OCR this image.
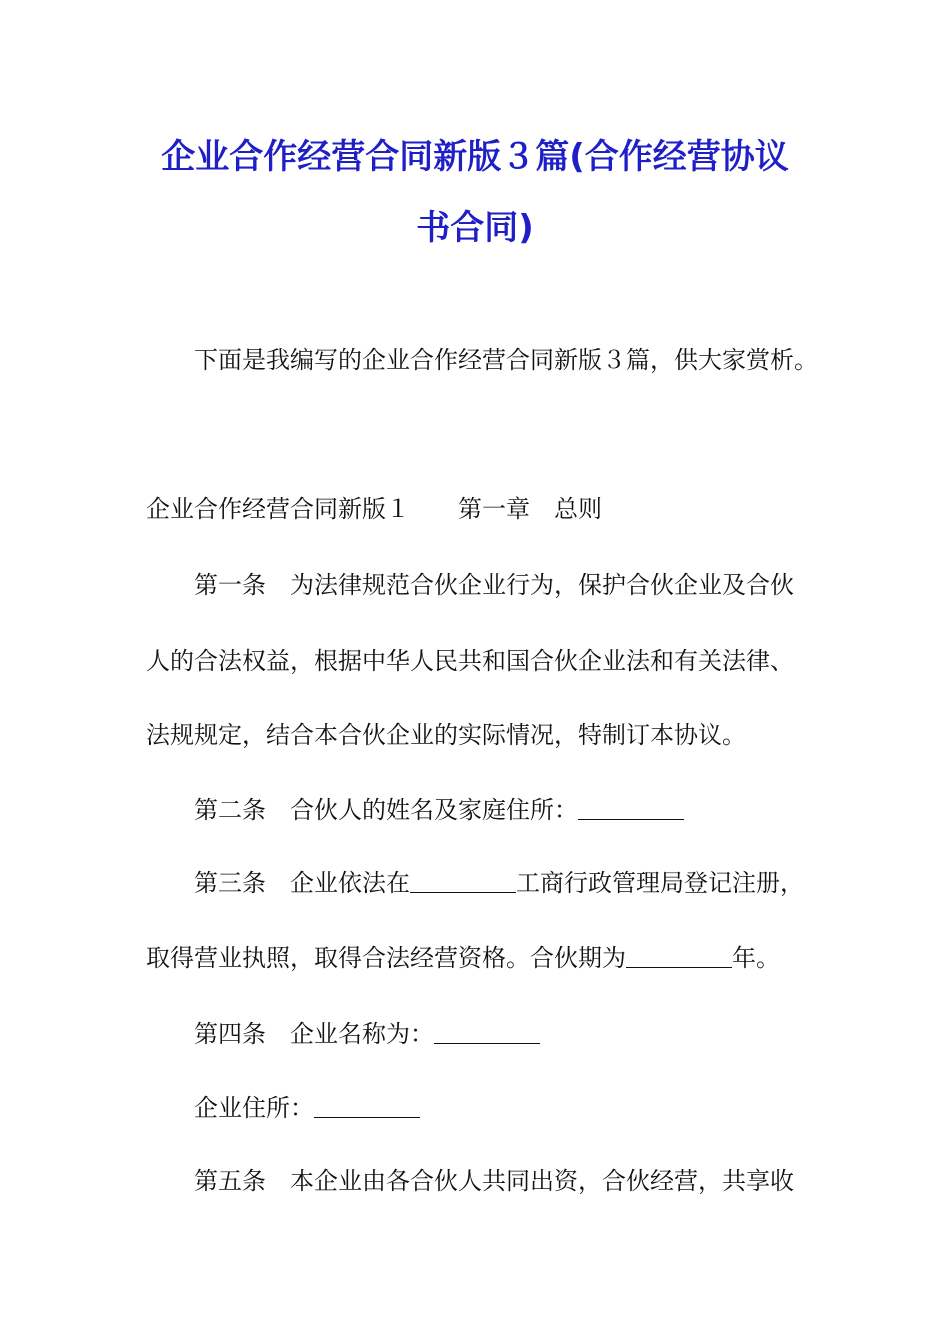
企业合作经营合同新版３篇(合作经营协议
书合同)
下面是我编写的企业合作经营合同新版３篇，供大家赏析。
企业合作经营合同新版１　　第一章　总则
第一条　为法律规范合伙企业行为，保护合伙企业及合伙
人的合法权益，根据中华人民共和国合伙企业法和有关法律、
法规规定，结合本合伙企业的实际情况，特制订本协议。
第二条　合伙人的姓名及家庭住所：
第三条　企业依法在	工商行政管理局登记注册，
取得营业执照，取得合法经营资格。合伙期为	年。
第四条　企业名称为：
企业住所：
第五条　本企业由各合伙人共同出资，合伙经营，共享收
